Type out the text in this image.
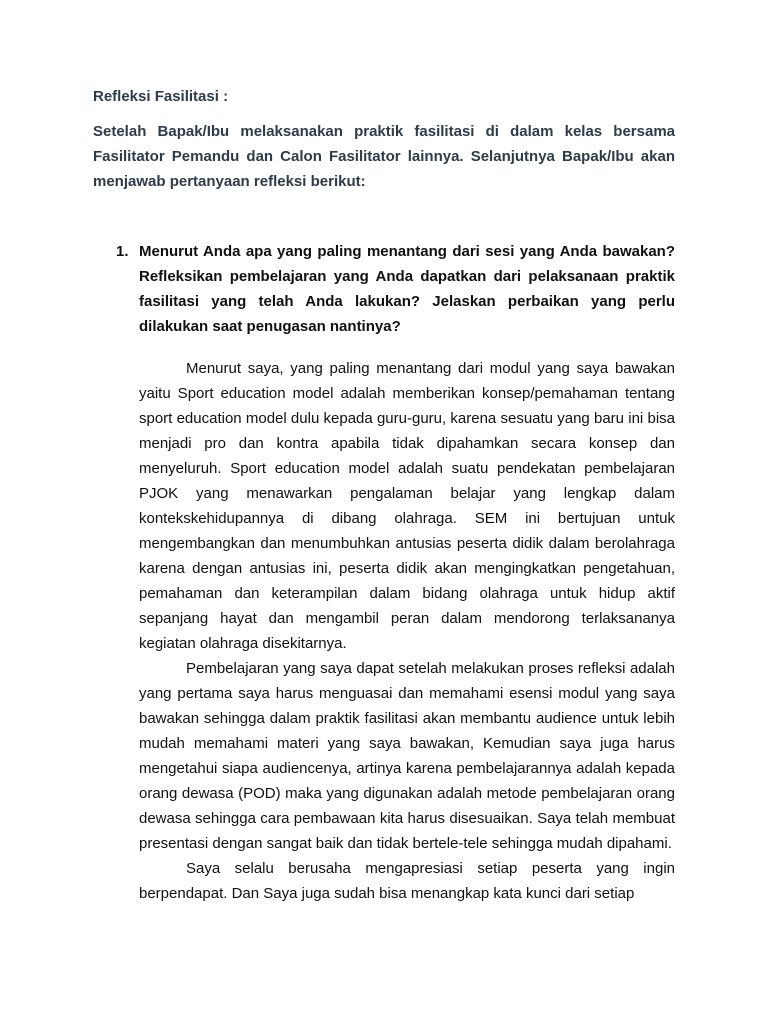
Refleksi Fasilitasi :

Setelah Bapak/Ibu melaksanakan praktik fasilitasi di dalam kelas bersama Fasilitator Pemandu dan Calon Fasilitator lainnya. Selanjutnya Bapak/Ibu akan menjawab pertanyaan refleksi berikut:

1. Menurut Anda apa yang paling menantang dari sesi yang Anda bawakan? Refleksikan pembelajaran yang Anda dapatkan dari pelaksanaan praktik fasilitasi yang telah Anda lakukan? Jelaskan perbaikan yang perlu dilakukan saat penugasan nantinya?

Menurut saya, yang paling menantang dari modul yang saya bawakan yaitu Sport education model adalah memberikan konsep/pemahaman tentang sport education model dulu kepada guru-guru, karena sesuatu yang baru ini bisa menjadi pro dan kontra apabila tidak dipahamkan secara konsep dan menyeluruh. Sport education model adalah suatu pendekatan pembelajaran PJOK yang menawarkan pengalaman belajar yang lengkap dalam kontekskehidupannya di dibang olahraga. SEM ini bertujuan untuk mengembangkan dan menumbuhkan antusias peserta didik dalam berolahraga karena dengan antusias ini, peserta didik akan mengingkatkan pengetahuan, pemahaman dan keterampilan dalam bidang olahraga untuk hidup aktif sepanjang hayat dan mengambil peran dalam mendorong terlaksananya kegiatan olahraga disekitarnya.

Pembelajaran yang saya dapat setelah melakukan proses refleksi adalah yang pertama saya harus menguasai dan memahami esensi modul yang saya bawakan sehingga dalam praktik fasilitasi akan membantu audience untuk lebih mudah memahami materi yang saya bawakan, Kemudian saya juga harus mengetahui siapa audiencenya, artinya karena pembelajarannya adalah kepada orang dewasa (POD) maka yang digunakan adalah metode pembelajaran orang dewasa sehingga cara pembawaan kita harus disesuaikan. Saya telah membuat presentasi dengan sangat baik dan tidak bertele-tele sehingga mudah dipahami.

Saya selalu berusaha mengapresiasi setiap peserta yang ingin berpendapat. Dan Saya juga sudah bisa menangkap kata kunci dari setiap
